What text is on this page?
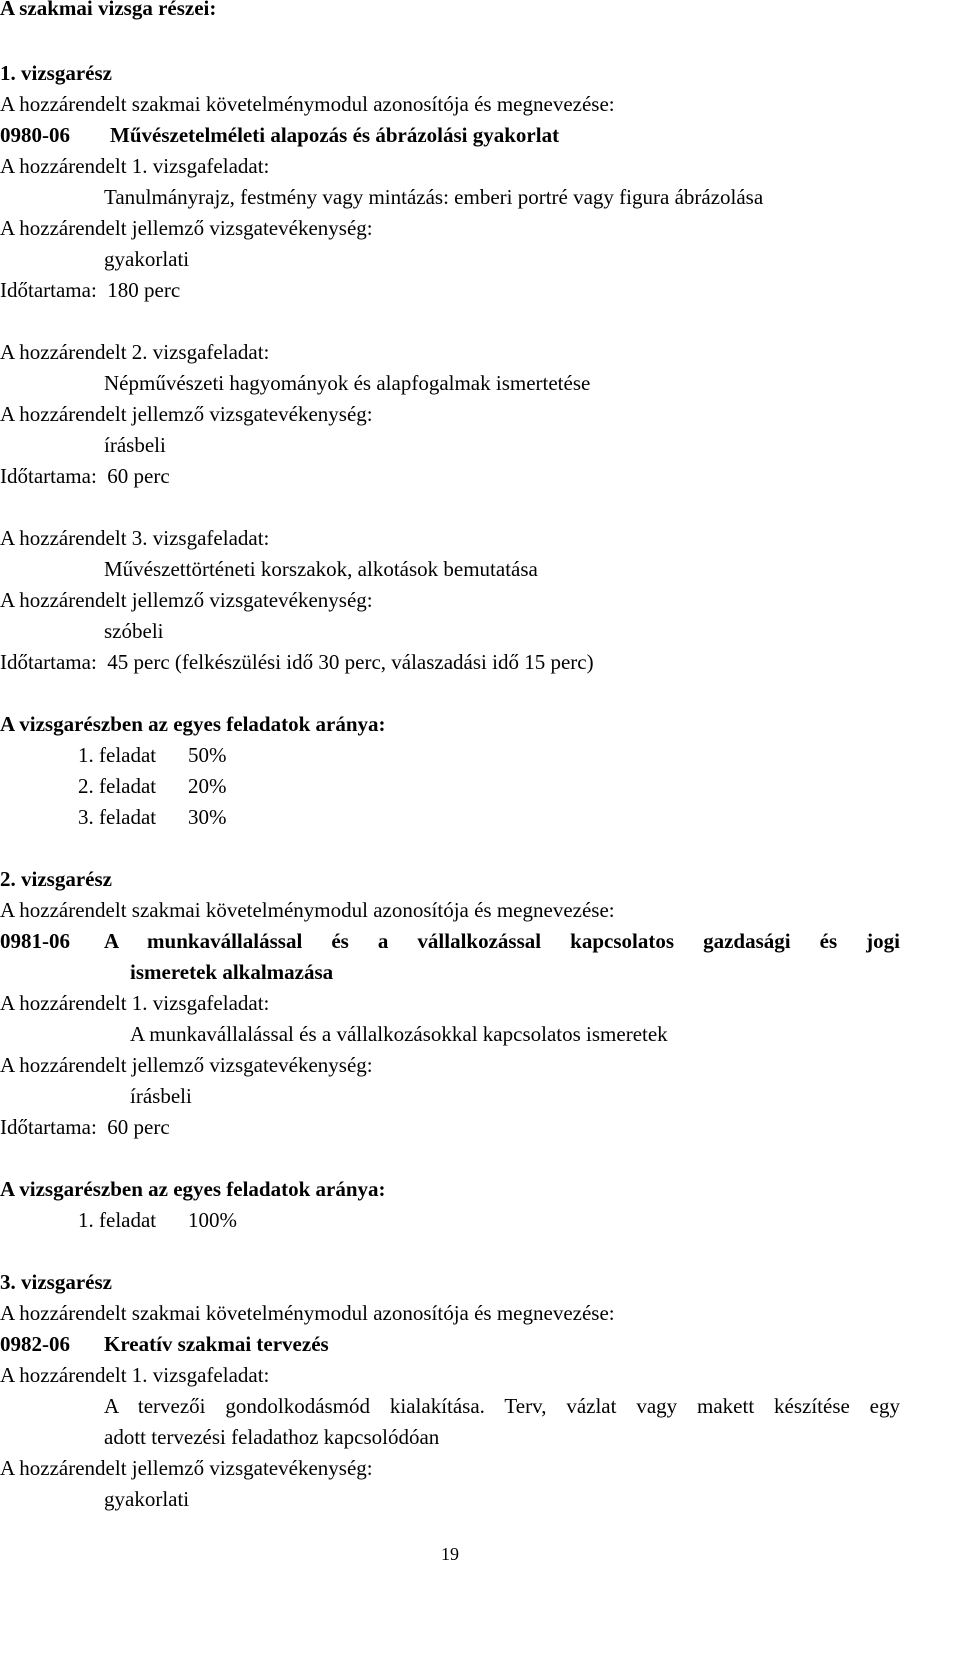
A szakmai vizsga részei:
1. vizsgarész
A hozzárendelt szakmai követelménymodul azonosítója és megnevezése:
0980-06 Művészetelméleti alapozás és ábrázolási gyakorlat
A hozzárendelt 1. vizsgafeladat:
Tanulmányrajz, festmény vagy mintázás: emberi portré vagy figura ábrázolása
A hozzárendelt jellemző vizsgatevékenység:
gyakorlati
Időtartama: 180 perc
A hozzárendelt 2. vizsgafeladat:
Népművészeti hagyományok és alapfogalmak ismertetése
A hozzárendelt jellemző vizsgatevékenység:
írásbeli
Időtartama: 60 perc
A hozzárendelt 3. vizsgafeladat:
Művészettörténeti korszakok, alkotások bemutatása
A hozzárendelt jellemző vizsgatevékenység:
szóbeli
Időtartama: 45 perc (felkészülési idő 30 perc, válaszadási idő 15 perc)
A vizsgarészben az egyes feladatok aránya:
1. feladat 50%
2. feladat 20%
3. feladat 30%
2. vizsgarész
A hozzárendelt szakmai követelménymodul azonosítója és megnevezése:
0981-06 A munkavállalással és a vállalkozással kapcsolatos gazdasági és jogi
ismeretek alkalmazása
A hozzárendelt 1. vizsgafeladat:
A munkavállalással és a vállalkozásokkal kapcsolatos ismeretek
A hozzárendelt jellemző vizsgatevékenység:
írásbeli
Időtartama: 60 perc
A vizsgarészben az egyes feladatok aránya:
1. feladat 100%
3. vizsgarész
A hozzárendelt szakmai követelménymodul azonosítója és megnevezése:
0982-06 Kreatív szakmai tervezés
A hozzárendelt 1. vizsgafeladat:
A tervezői gondolkodásmód kialakítása. Terv, vázlat vagy makett készítése egy
adott tervezési feladathoz kapcsolódóan
A hozzárendelt jellemző vizsgatevékenység:
gyakorlati
19
